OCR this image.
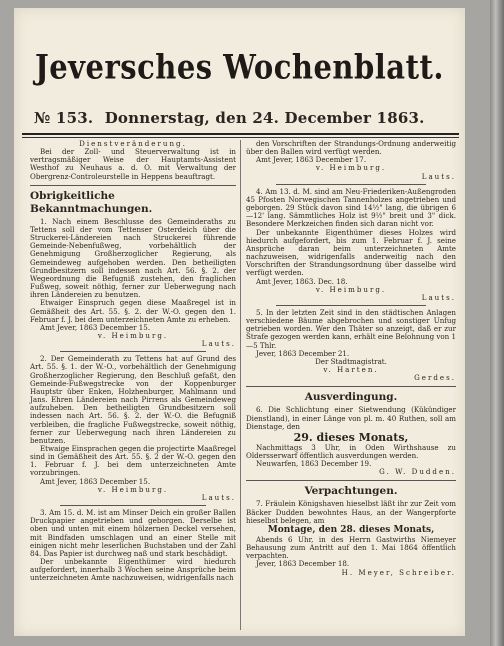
Jeversches Wochenblatt.
№ 153. Donnerstag, den 24. December 1863.

Dienstveränderung.

Bei der Zoll- und Steuerverwaltung ist in vertragsmäßiger Weise der Hauptamts-Assistent Westhof zu Neuhaus a. d. O. mit Verwaltung der Obergrenz-Controleurstelle in Heppens beauftragt.

Obrigkeitliche Bekanntmachungen.

1. Nach einem Beschlusse des Gemeinderaths zu Tettens soll der vom Tettenser Osterdeich über die Struckerei-Ländereien nach Struckerei führende Gemeinde-Nebenfußweg, vorbehältlich der Genehmigung Großherzoglicher Regierung, als Gemeindeweg aufgehoben werden. Den betheiligten Grundbesitzern soll indessen nach Art. 56. §. 2. der Wegeordnung die Befugniß zustehen, den fraglichen Fußweg, soweit nöthig, ferner zur Ueberwegung nach ihren Ländereien zu benutzen.

Etwaiger Einspruch gegen diese Maaßregel ist in Gemäßheit des Art. 55. §. 2. der W.-O. gegen den 1. Februar f. J. bei dem unterzeichneten Amte zu erheben.

Amt Jever, 1863 December 15.

v. Heimburg.

Lauts.

2. Der Gemeinderath zu Tettens hat auf Grund des Art. 55. §. 1. der W.-O., vorbehältlich der Genehmigung Großherzoglicher Regierung, den Beschluß gefaßt, den Gemeinde-Fußwegstrecke von der Koppenburger Hauptstr über Enken, Holzhenburger, Mahlmann und Jans. Ehren Ländereien nach Pirrens als Gemeindeweg aufzuheben. Den betheiligten Grundbesitzern soll indessen nach Art. 56. §. 2. der W.-O. die Befugniß verbleiben, die fragliche Fußwegstrecke, soweit nöthig, ferner zur Ueberwegung nach ihren Ländereien zu benutzen.

Etwaige Einsprachen gegen die projectirte Maaßregel sind in Gemäßheit des Art. 55. §. 2 der W.-O. gegen den 1. Februar f. J. bei dem unterzeichneten Amte vorzubringen.

Amt Jever, 1863 December 15.

v. Heimburg.

Lauts.

3. Am 15. d. M. ist am Minser Deich ein großer Ballen Druckpapier angetrieben und geborgen. Derselbe ist oben und unten mit einem hölzernen Deckel versehen, mit Bindfaden umschlagen und an einer Stelle mit einigen nicht mehr leserlichen Buchstaben und der Zahl 84. Das Papier ist durchweg naß und stark beschädigt.

Der unbekannte Eigenthümer wird hiedurch aufgefordert, innerhalb 3 Wochen seine Ansprüche beim unterzeichneten Amte nachzuweisen, widrigenfalls nach

den Vorschriften der Strandungs-Ordnung anderweitig über den Ballen wird verfügt werden.

Amt Jever, 1863 December 17.

v. Heimburg.

Lauts.

4. Am 13. d. M. sind am Neu-Friederiken-Außengroden 45 Pfosten Norwegischen Tannenholzes angetrieben und geborgen. 29 Stück davon sind 14½" lang, die übrigen 6—12' lang. Sämmtliches Holz ist 9½" breit und 3" dick. Besondere Merkzeichen finden sich daran nicht vor.

Der unbekannte Eigenthümer dieses Holzes wird hiedurch aufgefordert, bis zum 1. Februar f. J. seine Ansprüche daran beim unterzeichneten Amte nachzuweisen, widrigenfalls anderweitig nach den Vorschriften der Strandungsordnung über dasselbe wird verfügt werden.

Amt Jever, 1863. Dec. 18.

v. Heimburg.

Lauts.

5. In der letzten Zeit sind in den städtischen Anlagen verschiedene Bäume abgebrochen und sonstiger Unfug getrieben worden. Wer den Thäter so anzeigt, daß er zur Strafe gezogen werden kann, erhält eine Belohnung von 1—5 Thlr.

Jever, 1863 December 21.

Der Stadtmagistrat.

v. Harten.

Gerdes.

Ausverdingung.

6. Die Schlichtung einer Sietwendung (Kükündiger Dienstland), in einer Länge von pl. m. 40 Ruthen, soll am Dienstage, den

29. dieses Monats,

Nachmittags 3 Uhr, in Oden Wirthshause zu Oldersserwarf öffentlich ausverdungen werden.

Neuwarfen, 1863 December 19.

G. W. Dudden.

Verpachtungen.

7. Fräulein Königshaven hieselbst läßt ihr zur Zeit vom Bäcker Dudden bewohntes Haus, an der Wangerpforte hieselbst belegen, am

Montage, den 28. dieses Monats,

Abends 6 Uhr, in des Herrn Gastwirths Niemeyer Behausung zum Antritt auf den 1. Mai 1864 öffentlich verpachten.

Jever, 1863 December 18.

H. Meyer, Schreiber.
